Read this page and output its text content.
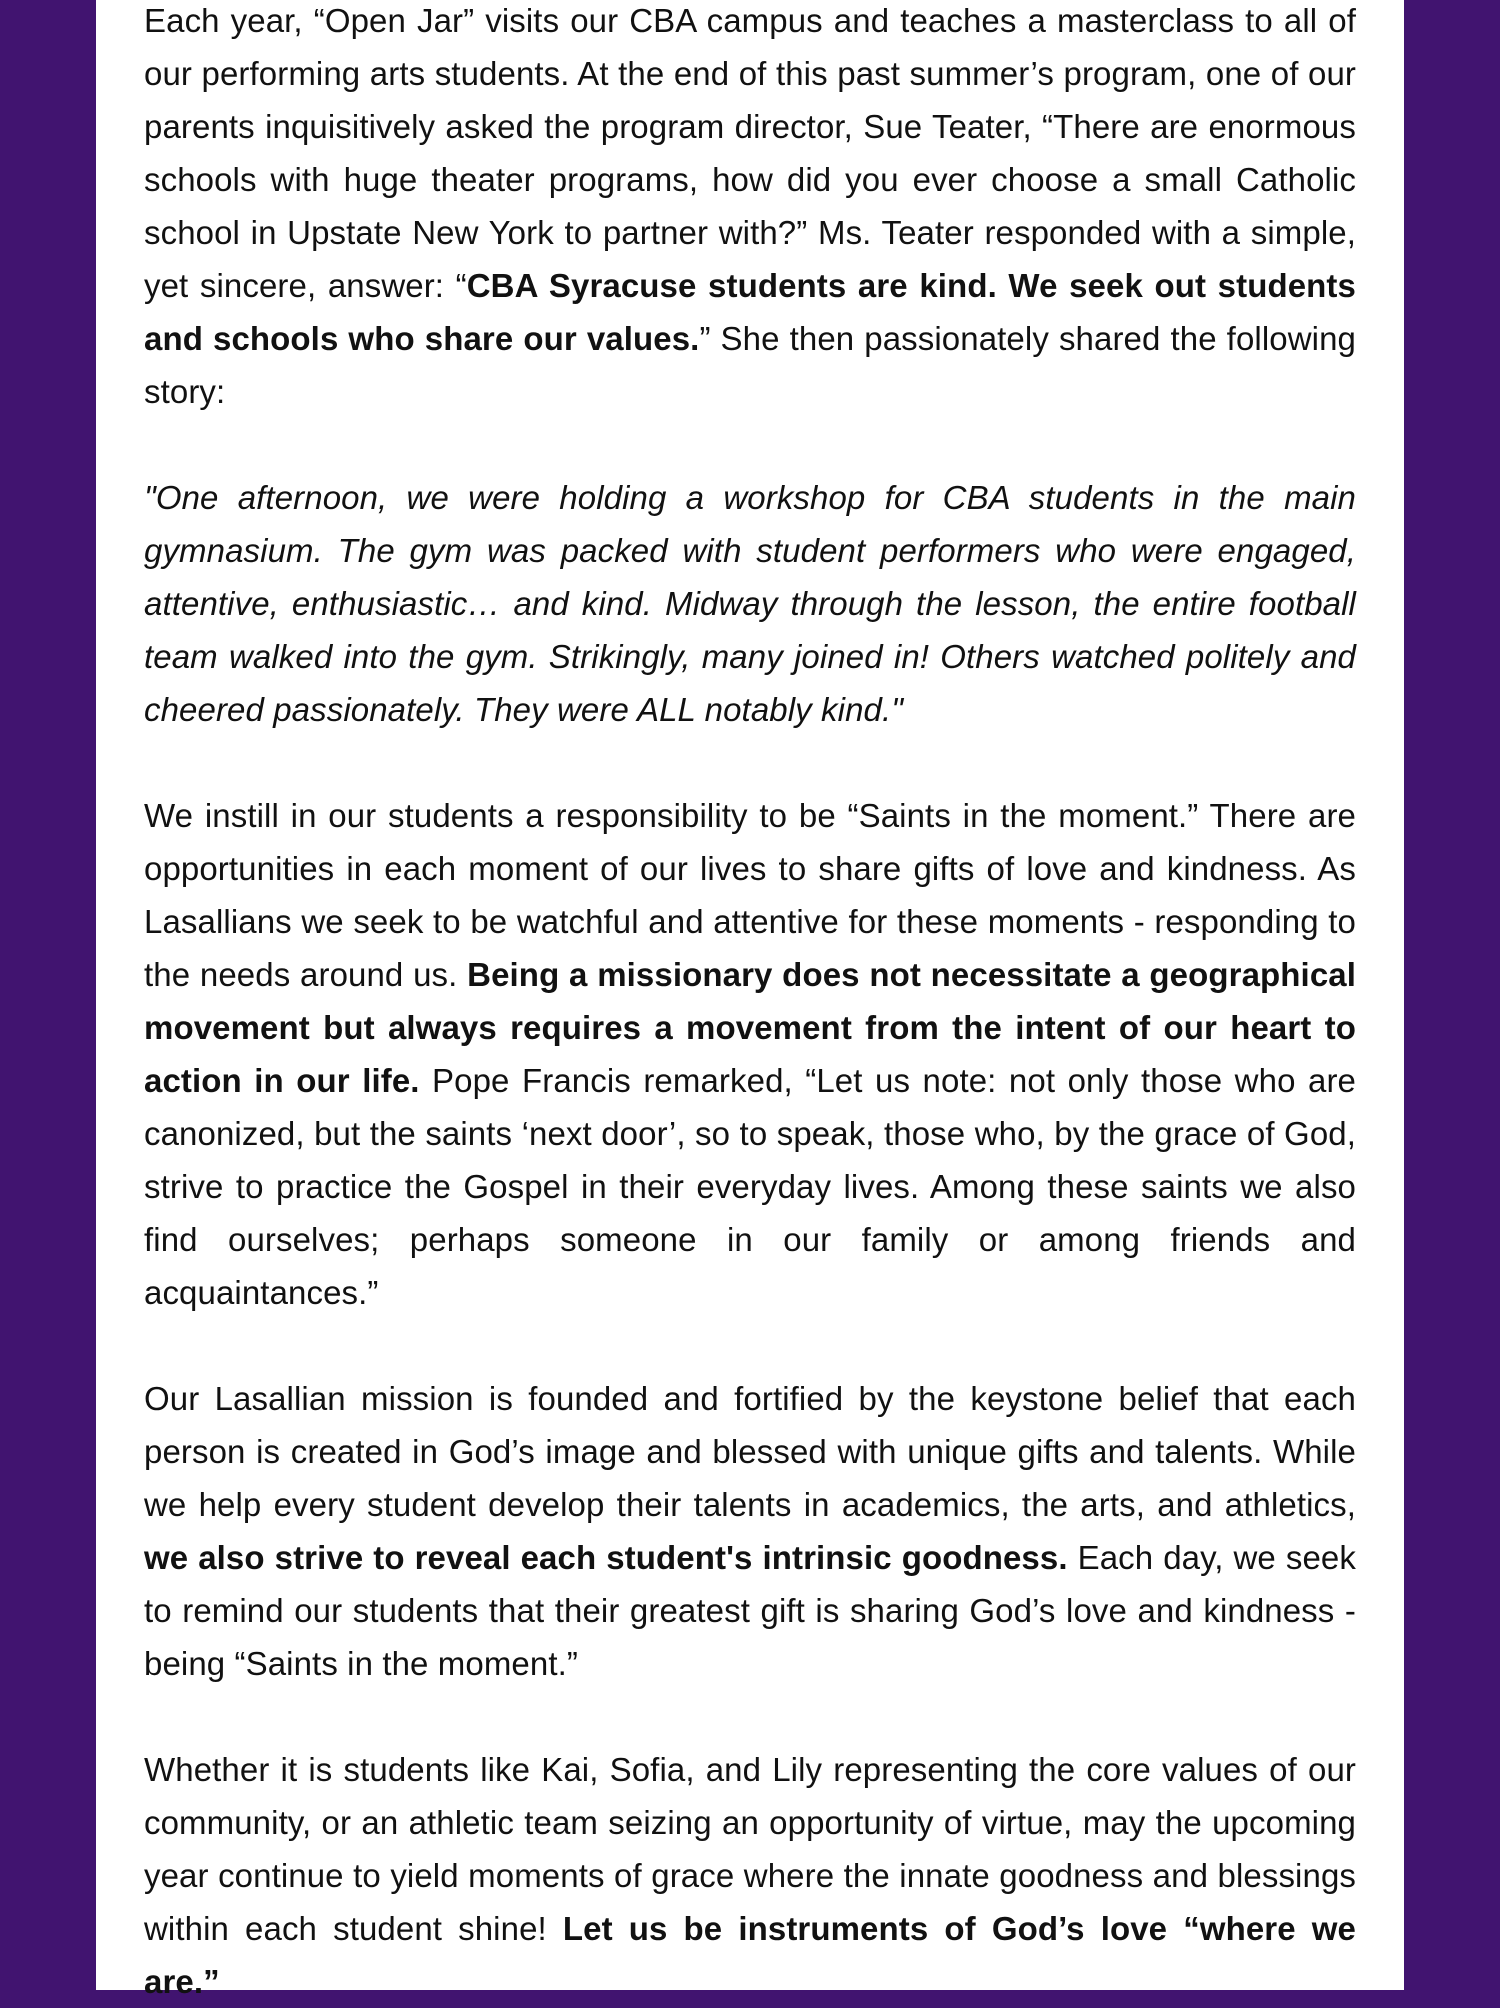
Each year, “Open Jar” visits our CBA campus and teaches a masterclass to all of our performing arts students. At the end of this past summer’s program, one of our parents inquisitively asked the program director, Sue Teater, “There are enormous schools with huge theater programs, how did you ever choose a small Catholic school in Upstate New York to partner with?” Ms. Teater responded with a simple, yet sincere, answer: “CBA Syracuse students are kind. We seek out students and schools who share our values.” She then passionately shared the following story:

"One afternoon, we were holding a workshop for CBA students in the main gymnasium. The gym was packed with student performers who were engaged, attentive, enthusiastic… and kind. Midway through the lesson, the entire football team walked into the gym. Strikingly, many joined in! Others watched politely and cheered passionately. They were ALL notably kind."

We instill in our students a responsibility to be “Saints in the moment.” There are opportunities in each moment of our lives to share gifts of love and kindness. As Lasallians we seek to be watchful and attentive for these moments - responding to the needs around us. Being a missionary does not necessitate a geographical movement but always requires a movement from the intent of our heart to action in our life. Pope Francis remarked, “Let us note: not only those who are canonized, but the saints ‘next door’, so to speak, those who, by the grace of God, strive to practice the Gospel in their everyday lives. Among these saints we also find ourselves; perhaps someone in our family or among friends and acquaintances.”

Our Lasallian mission is founded and fortified by the keystone belief that each person is created in God’s image and blessed with unique gifts and talents. While we help every student develop their talents in academics, the arts, and athletics, we also strive to reveal each student's intrinsic goodness. Each day, we seek to remind our students that their greatest gift is sharing God’s love and kindness - being “Saints in the moment.”

Whether it is students like Kai, Sofia, and Lily representing the core values of our community, or an athletic team seizing an opportunity of virtue, may the upcoming year continue to yield moments of grace where the innate goodness and blessings within each student shine! Let us be instruments of God’s love “where we are.”
